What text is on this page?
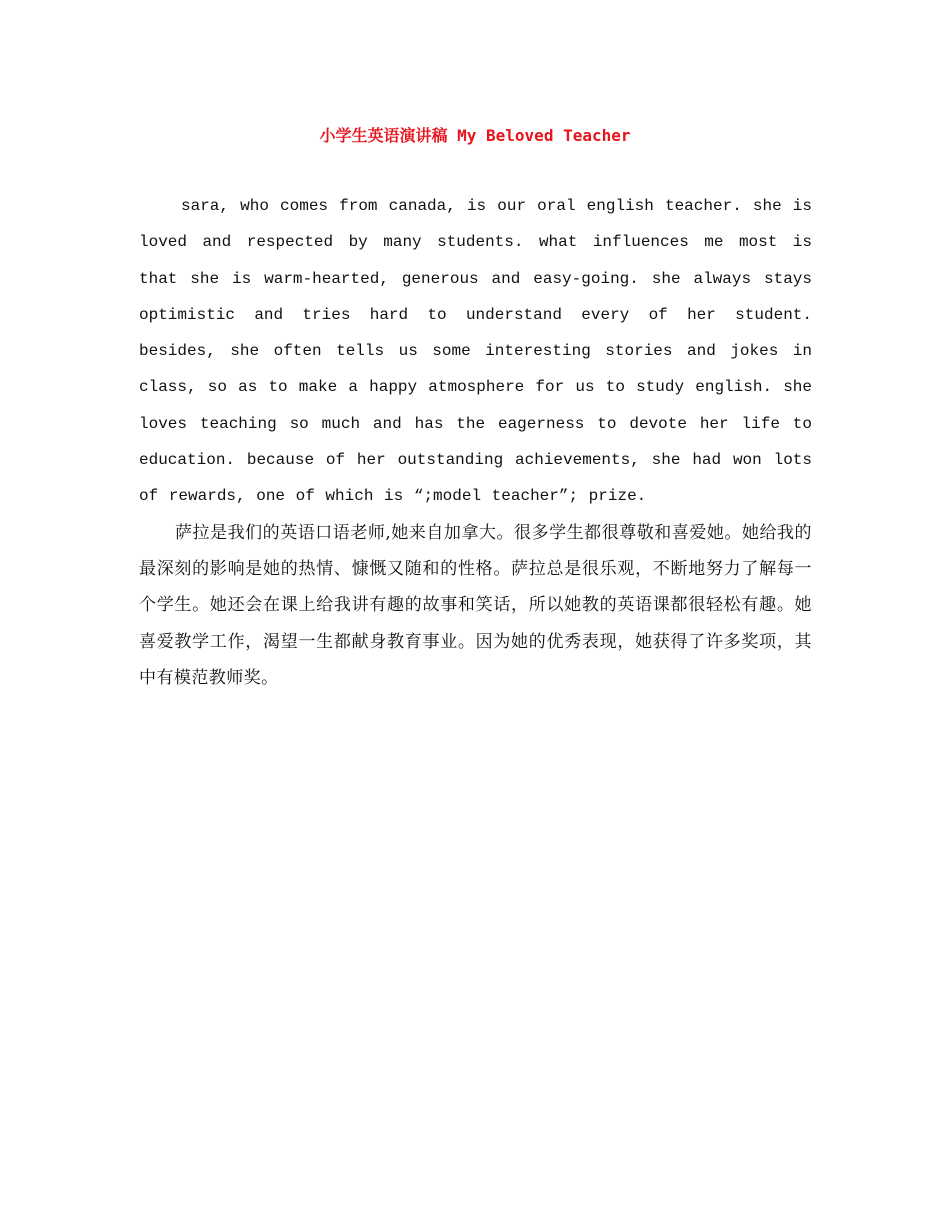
小学生英语演讲稿 My Beloved Teacher

sara, who comes from canada, is our oral english teacher. she is loved and respected by many students. what influences me most is that she is warm-hearted, generous and easy-going. she always stays optimistic and tries hard to understand every of her student. besides, she often tells us some interesting stories and jokes in class, so as to make a happy atmosphere for us to study english. she loves teaching so much and has the eagerness to devote her life to education. because of her outstanding achievements, she had won lots of rewards, one of which is “;model teacher”; prize.

萨拉是我们的英语口语老师,她来自加拿大。很多学生都很尊敬和喜爱她。她给我的最深刻的影响是她的热情、慷慨又随和的性格。萨拉总是很乐观，不断地努力了解每一个学生。她还会在课上给我讲有趣的故事和笑话，所以她教的英语课都很轻松有趣。她喜爱教学工作，渴望一生都献身教育事业。因为她的优秀表现，她获得了许多奖项，其中有模范教师奖。
